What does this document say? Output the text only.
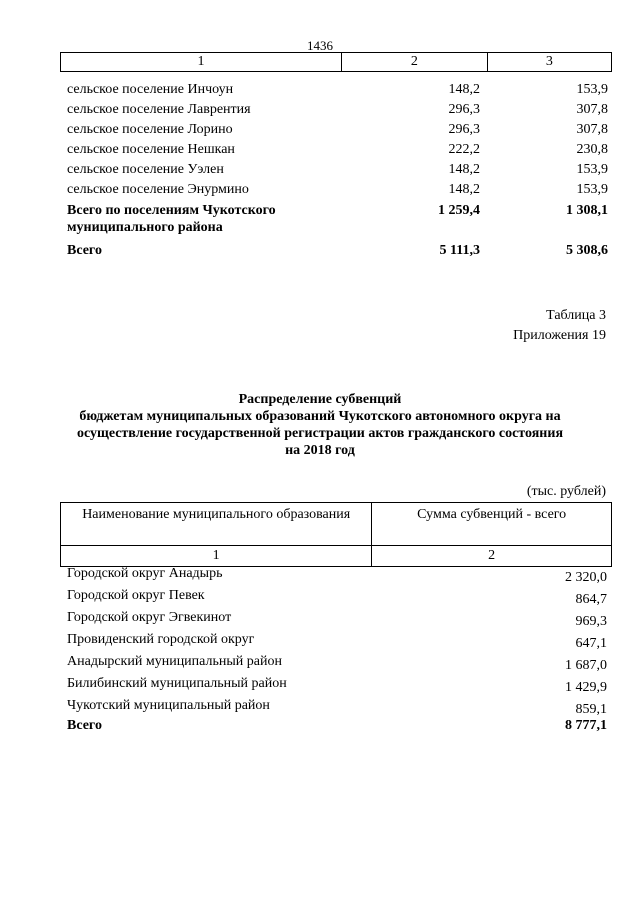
1436
1	2	3
сельское поселение Инчоун	148,2	153,9
сельское поселение Лаврентия	296,3	307,8
сельское поселение Лорино	296,3	307,8
сельское поселение Нешкан	222,2	230,8
сельское поселение Уэлен	148,2	153,9
сельское поселение Энурмино	148,2	153,9
Всего по поселениям Чукотского	1 259,4	1 308,1
муниципального района
Всего	5 111,3	5 308,6
Таблица 3
Приложения 19
Распределение субвенций
бюджетам муниципальных образований Чукотского автономного округа на
осуществление государственной регистрации актов гражданского состояния
на 2018 год
(тыс. рублей)
Наименование муниципального образования	Сумма субвенций - всего
1	2
Городской округ Анадырь	2 320,0
Городской округ Певек	864,7
Городской округ Эгвекинот	969,3
Провиденский городской округ	647,1
Анадырский муниципальный район	1 687,0
Билибинский муниципальный район	1 429,9
Чукотский муниципальный район	859,1
Всего	8 777,1
